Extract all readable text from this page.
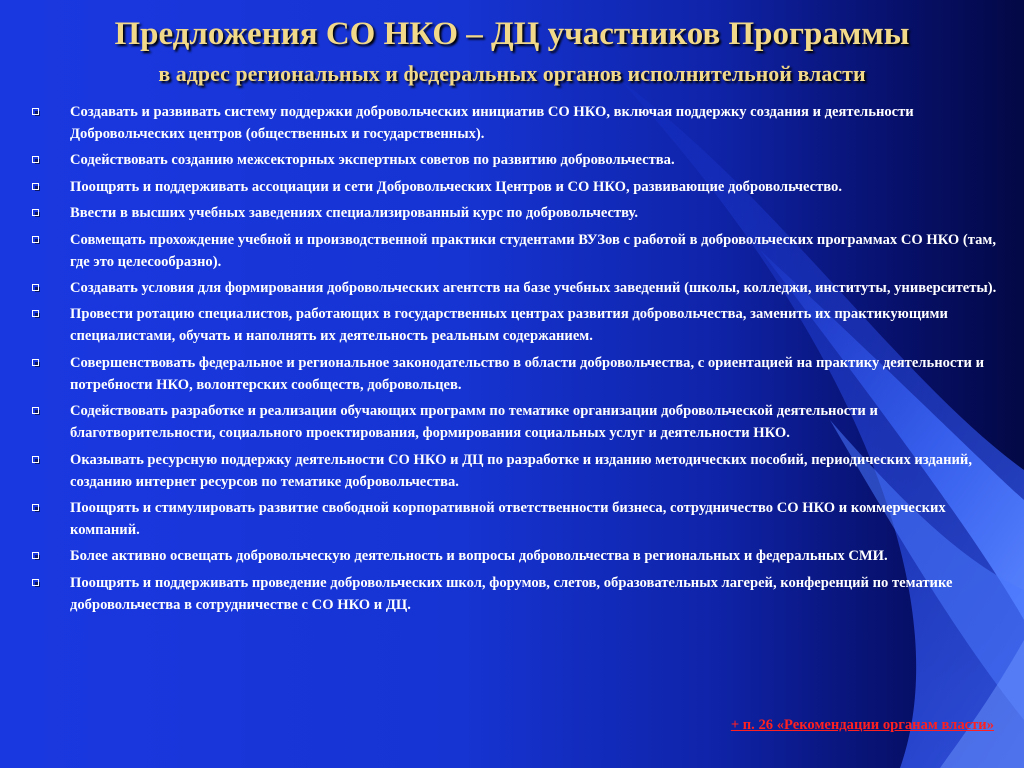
Предложения СО НКО – ДЦ участников Программы
в адрес региональных и федеральных органов исполнительной власти
Создавать и развивать систему поддержки добровольческих инициатив СО НКО, включая поддержку создания и деятельности Добровольческих центров (общественных и государственных).
Содействовать созданию межсекторных экспертных советов по развитию добровольчества.
Поощрять и поддерживать ассоциации и сети Добровольческих Центров и СО НКО, развивающие добровольчество.
Ввести в высших учебных заведениях специализированный курс по добровольчеству.
Совмещать прохождение учебной и производственной практики студентами ВУЗов с работой в добровольческих программах СО НКО (там, где это целесообразно).
Создавать условия для формирования добровольческих агентств на базе учебных заведений (школы, колледжи, институты, университеты).
Провести ротацию специалистов, работающих в государственных центрах развития добровольчества, заменить их практикующими специалистами, обучать и наполнять их деятельность реальным содержанием.
Совершенствовать федеральное и региональное законодательство в области добровольчества, с ориентацией на практику деятельности и потребности НКО, волонтерских сообществ, добровольцев.
Содействовать разработке и реализации обучающих программ по тематике организации добровольческой деятельности и благотворительности, социального проектирования, формирования социальных услуг и деятельности НКО.
Оказывать ресурсную поддержку деятельности СО НКО и ДЦ по разработке и изданию методических пособий, периодических изданий, созданию интернет ресурсов по тематике добровольчества.
Поощрять и стимулировать развитие свободной корпоративной ответственности бизнеса, сотрудничество СО НКО и коммерческих компаний.
Более активно освещать добровольческую деятельность и вопросы добровольчества в региональных и федеральных СМИ.
Поощрять и поддерживать проведение добровольческих школ, форумов, слетов, образовательных лагерей, конференций по тематике добровольчества в сотрудничестве с СО НКО и ДЦ.
+ п. 26 «Рекомендации органам власти»
